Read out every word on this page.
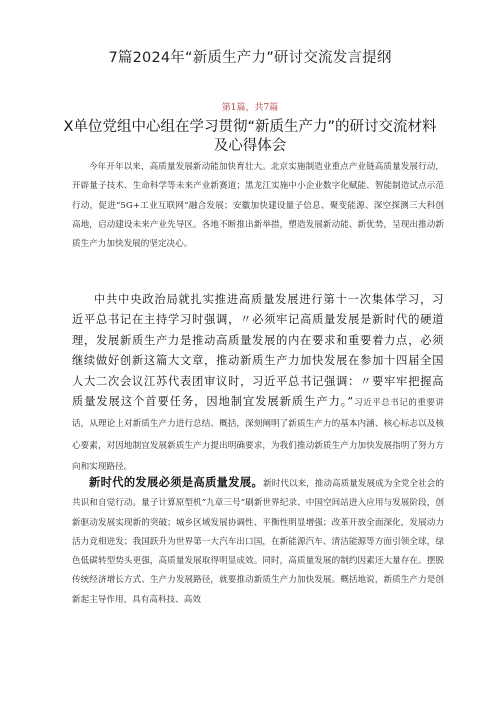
7篇2024年“新质生产力”研讨交流发言提纲
第1篇，共7篇
X单位党组中心组在学习贯彻“新质生产力”的研讨交流材料及心得体会

今年开年以来，高质量发展新动能加快育壮大。北京实施制造业重点产业链高质量发展行动，开辟量子技术、生命科学等未来产业新赛道；黑龙江实施中小企业数字化赋能、智能制造试点示范行动，促进“5G+工业互联网”融合发展；安徽加快建设量子信息、聚变能源、深空探测三大科创高地，启动建设未来产业先导区。各地不断推出新举措，塑造发展新动能、新优势，呈现出推动新质生产力加快发展的坚定决心。

中共中央政治局就扎实推进高质量发展进行第十一次集体学习，习近平总书记在主持学习时强调，〃必须牢记高质量发展是新时代的硬道理，发展新质生产力是推动高质量发展的内在要求和重要着力点，必须继续做好创新这篇大文章，推动新质生产力加快发展在参加十四届全国人大二次会议江苏代表团审议时，习近平总书记强调：〃要牢牢把握高质量发展这个首要任务，因地制宜发展新质生产力。”习近平总书记的重要讲话，从理论上对新质生产力进行总结、概括，深刻阐明了新质生产力的基本内涵、核心标志以及核心要素，对因地制宜发展新质生产力提出明确要求，为我们推动新质生产力加快发展指明了努力方向和实现路径。

新时代的发展必须是高质量发展。新时代以来，推动高质量发展成为全党全社会的共识和自觉行动。量子计算原型机”九章三号”刷新世界纪录、中国空间站进入应用与发展阶段，创新驱动发展实现新的突破；城乡区域发展协调性、平衡性明显增强；改革开放全面深化，发展动力活力竞相迸发；我国跃升为世界第一大汽车出口国，在新能源汽车、清洁能源等方面引领全球，绿色低碳转型势头更强，高质量发展取得明显成效。同时，高质量发展的制约因素还大量存在。摆脱传统经济增长方式、生产力发展路径，就要推动新质生产力加快发展。概括地说，新质生产力是创新起主导作用，具有高科技、高效
